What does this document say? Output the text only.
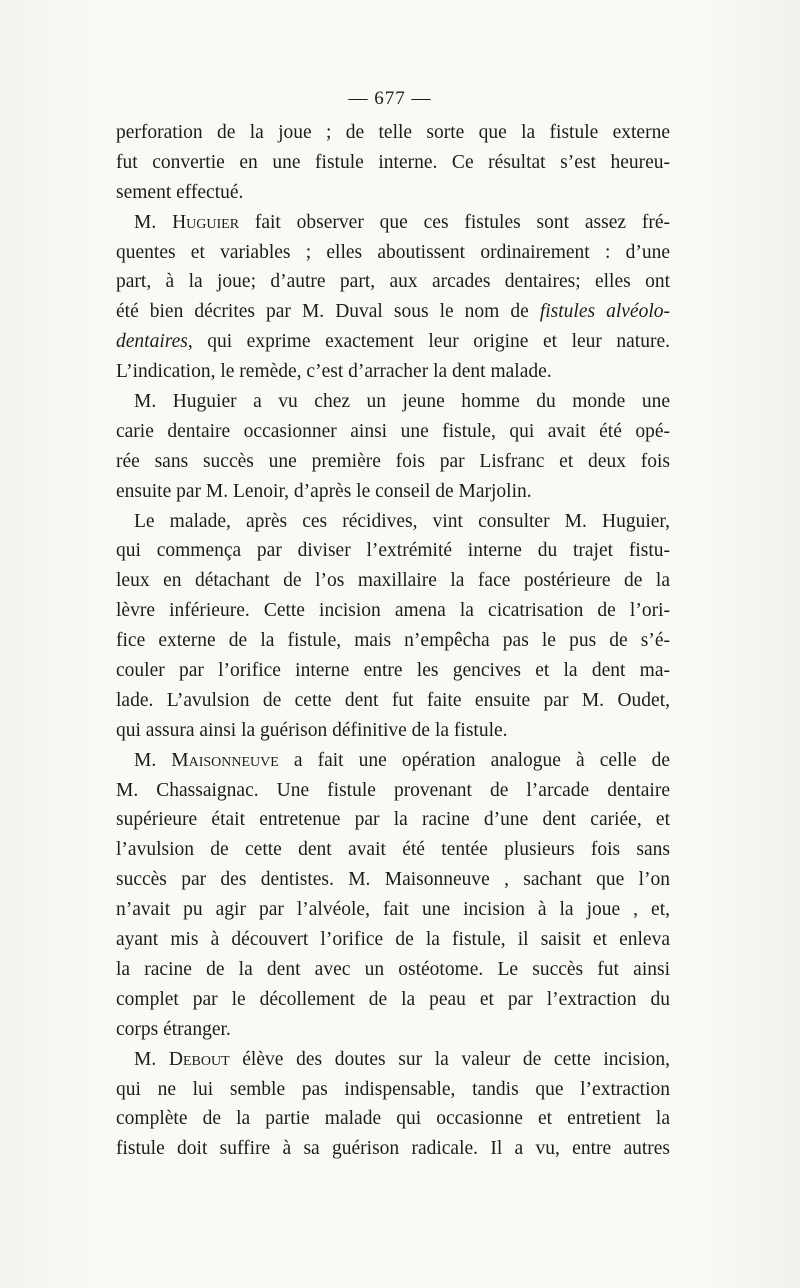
— 677 —
perforation de la joue ; de telle sorte que la fistule externe
fut convertie en une fistule interne. Ce résultat s’est heureu-
sement effectué.
M. Huguier fait observer que ces fistules sont assez fré-
quentes et variables ; elles aboutissent ordinairement : d’une
part, à la joue; d’autre part, aux arcades dentaires; elles ont
été bien décrites par M. Duval sous le nom de fistules alvéolo-
dentaires, qui exprime exactement leur origine et leur nature.
L’indication, le remède, c’est d’arracher la dent malade.
M. Huguier a vu chez un jeune homme du monde une
carie dentaire occasionner ainsi une fistule, qui avait été opé-
rée sans succès une première fois par Lisfranc et deux fois
ensuite par M. Lenoir, d’après le conseil de Marjolin.
Le malade, après ces récidives, vint consulter M. Huguier,
qui commença par diviser l’extrémité interne du trajet fistu-
leux en détachant de l’os maxillaire la face postérieure de la
lèvre inférieure. Cette incision amena la cicatrisation de l’ori-
fice externe de la fistule, mais n’empêcha pas le pus de s’é-
couler par l’orifice interne entre les gencives et la dent ma-
lade. L’avulsion de cette dent fut faite ensuite par M. Oudet,
qui assura ainsi la guérison définitive de la fistule.
M. Maisonneuve a fait une opération analogue à celle de
M. Chassaignac. Une fistule provenant de l’arcade dentaire
supérieure était entretenue par la racine d’une dent cariée, et
l’avulsion de cette dent avait été tentée plusieurs fois sans
succès par des dentistes. M. Maisonneuve , sachant que l’on
n’avait pu agir par l’alvéole, fait une incision à la joue , et,
ayant mis à découvert l’orifice de la fistule, il saisit et enleva
la racine de la dent avec un ostéotome. Le succès fut ainsi
complet par le décollement de la peau et par l’extraction du
corps étranger.
M. Debout élève des doutes sur la valeur de cette incision,
qui ne lui semble pas indispensable, tandis que l’extraction
complète de la partie malade qui occasionne et entretient la
fistule doit suffire à sa guérison radicale. Il a vu, entre autres
